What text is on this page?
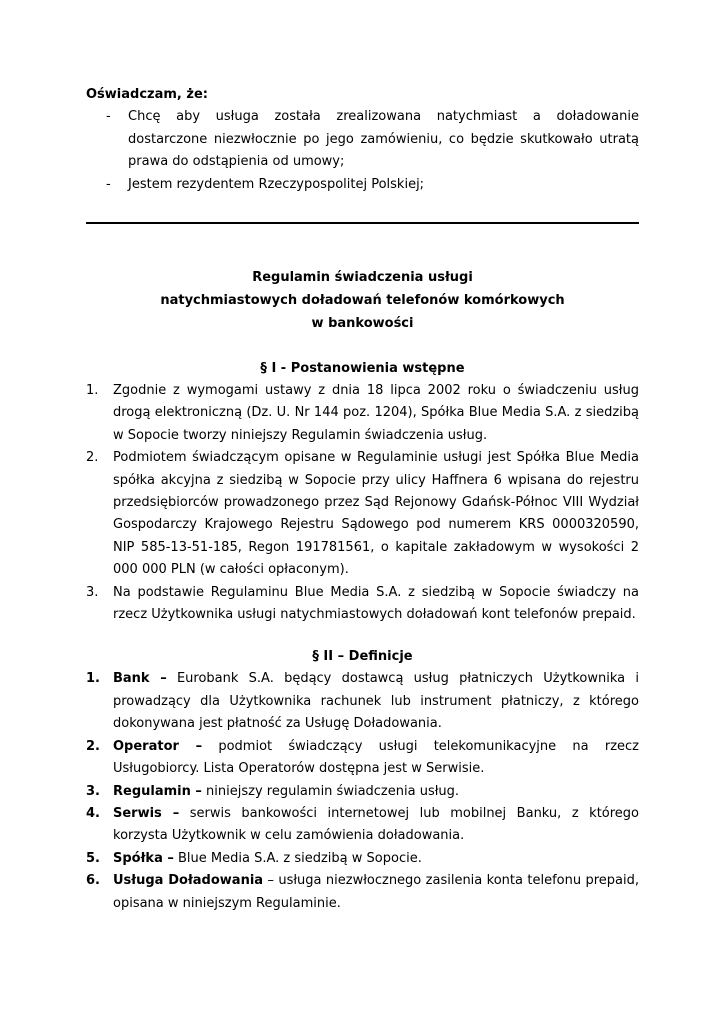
Oświadczam, że:
- Chcę aby usługa została zrealizowana natychmiast a doładowanie dostarczone niezwłocznie po jego zamówieniu, co będzie skutkowało utratą prawa do odstąpienia od umowy;
- Jestem rezydentem Rzeczypospolitej Polskiej;
Regulamin świadczenia usługi
natychmiastowych doładowań telefonów komórkowych
w bankowości
§ I - Postanowienia wstępne
1. Zgodnie z wymogami ustawy z dnia 18 lipca 2002 roku o świadczeniu usług drogą elektroniczną (Dz. U. Nr 144 poz. 1204), Spółka Blue Media S.A. z siedzibą w Sopocie tworzy niniejszy Regulamin świadczenia usług.
2. Podmiotem świadczącym opisane w Regulaminie usługi jest Spółka Blue Media spółka akcyjna z siedzibą w Sopocie przy ulicy Haffnera 6 wpisana do rejestru przedsiębiorców prowadzonego przez Sąd Rejonowy Gdańsk-Północ VIII Wydział Gospodarczy Krajowego Rejestru Sądowego pod numerem KRS 0000320590, NIP 585-13-51-185, Regon 191781561, o kapitale zakładowym w wysokości 2 000 000 PLN (w całości opłaconym).
3. Na podstawie Regulaminu Blue Media S.A. z siedzibą w Sopocie świadczy na rzecz Użytkownika usługi natychmiastowych doładowań kont telefonów prepaid.
§ II – Definicje
1. Bank – Eurobank S.A. będący dostawcą usług płatniczych Użytkownika i prowadzący dla Użytkownika rachunek lub instrument płatniczy, z którego dokonywana jest płatność za Usługę Doładowania.
2. Operator – podmiot świadczący usługi telekomunikacyjne na rzecz Usługobiorcy. Lista Operatorów dostępna jest w Serwisie.
3. Regulamin – niniejszy regulamin świadczenia usług.
4. Serwis – serwis bankowości internetowej lub mobilnej Banku, z którego korzysta Użytkownik w celu zamówienia doładowania.
5. Spółka – Blue Media S.A. z siedzibą w Sopocie.
6. Usługa Doładowania – usługa niezwłocznego zasilenia konta telefonu prepaid, opisana w niniejszym Regulaminie.
